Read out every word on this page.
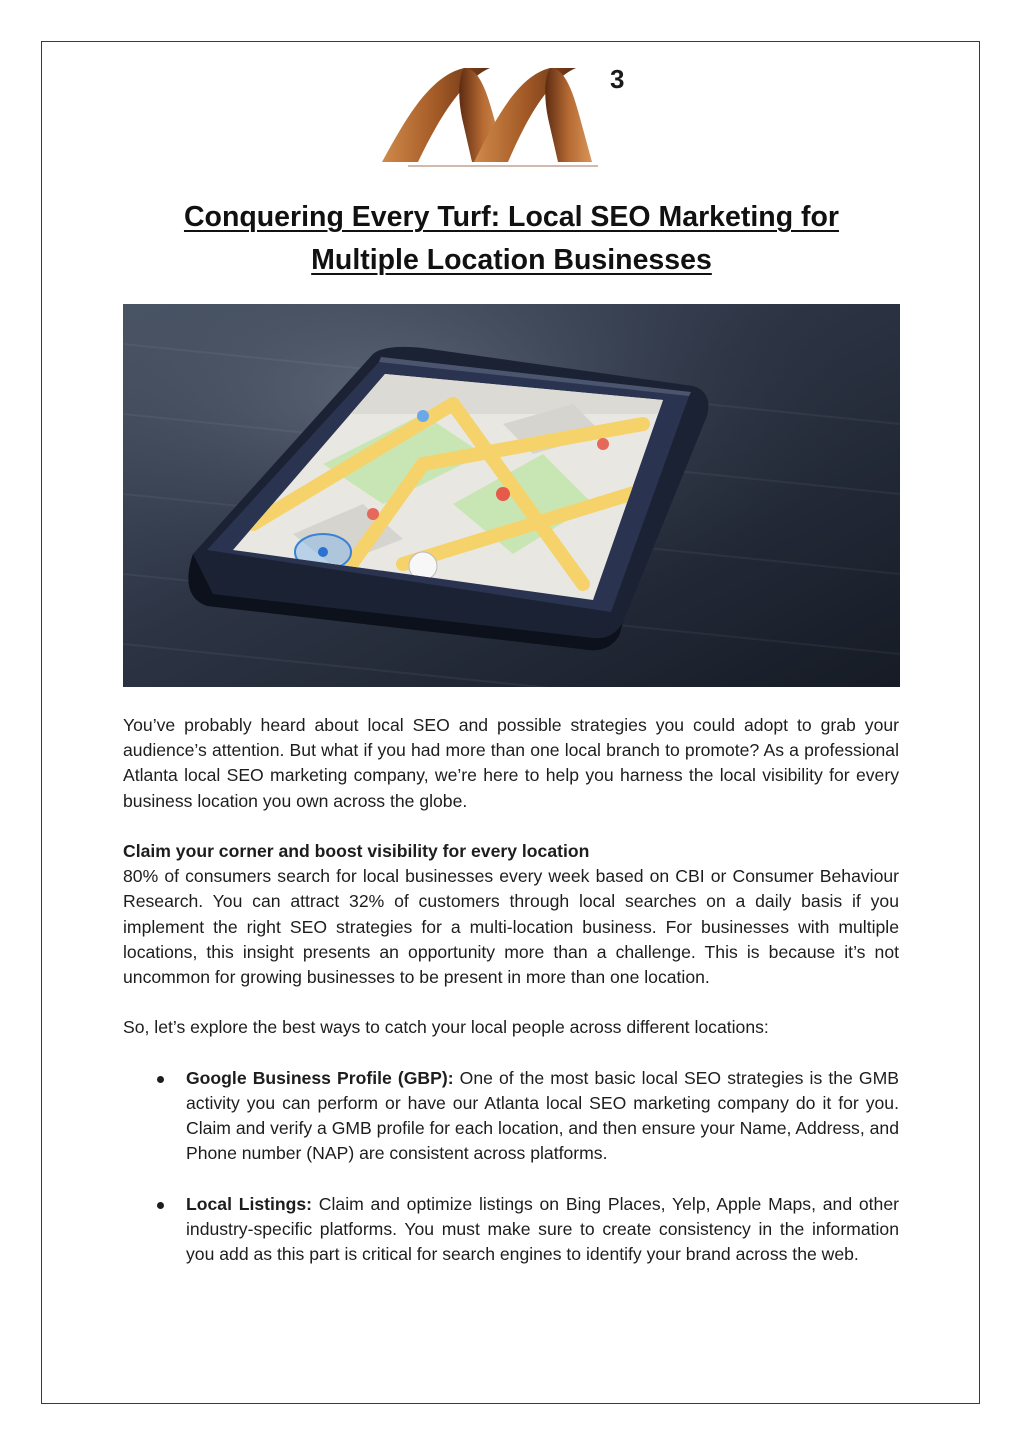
3
Conquering Every Turf: Local SEO Marketing for
Multiple Location Businesses

You’ve probably heard about local SEO and possible strategies you could adopt to grab your audience’s attention. But what if you had more than one local branch to promote? As a professional Atlanta local SEO marketing company, we’re here to help you harness the local visibility for every business location you own across the globe.

Claim your corner and boost visibility for every location

80% of consumers search for local businesses every week based on CBI or Consumer Behaviour Research. You can attract 32% of customers through local searches on a daily basis if you implement the right SEO strategies for a multi-location business. For businesses with multiple locations, this insight presents an opportunity more than a challenge. This is because it’s not uncommon for growing businesses to be present in more than one location.

So, let’s explore the best ways to catch your local people across different locations:

Google Business Profile (GBP): One of the most basic local SEO strategies is the GMB activity you can perform or have our Atlanta local SEO marketing company do it for you. Claim and verify a GMB profile for each location, and then ensure your Name, Address, and Phone number (NAP) are consistent across platforms.
Local Listings: Claim and optimize listings on Bing Places, Yelp, Apple Maps, and other industry-specific platforms. You must make sure to create consistency in the information you add as this part is critical for search engines to identify your brand across the web.
